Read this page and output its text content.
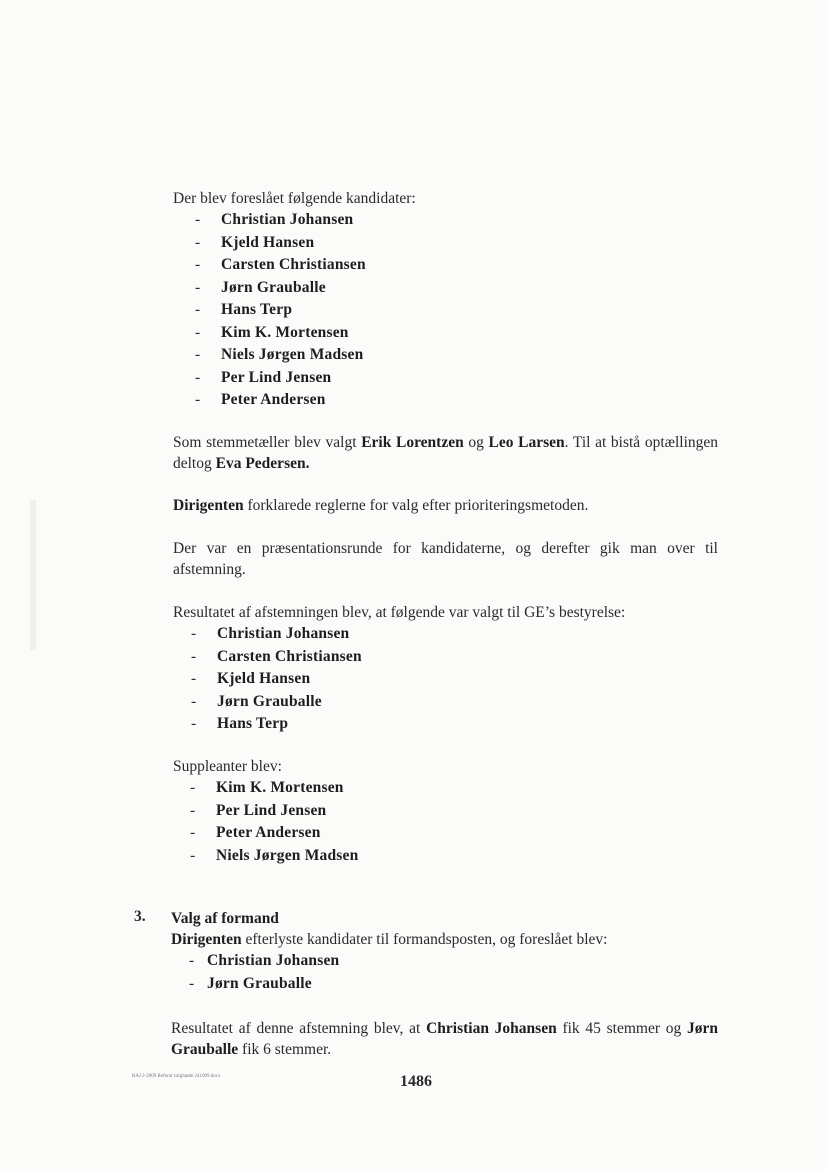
Der blev foreslået følgende kandidater:

- Christian Johansen
- Kjeld Hansen
- Carsten Christiansen
- Jørn Grauballe
- Hans Terp
- Kim K. Mortensen
- Niels Jørgen Madsen
- Per Lind Jensen
- Peter Andersen

Som stemmetæller blev valgt Erik Lorentzen og Leo Larsen. Til at bistå optællingen deltog Eva Pedersen.

Dirigenten forklarede reglerne for valg efter prioriteringsmetoden.

Der var en præsentationsrunde for kandidaterne, og derefter gik man over til afstemning.

Resultatet af afstemningen blev, at følgende var valgt til GE’s bestyrelse:

- Christian Johansen
- Carsten Christiansen
- Kjeld Hansen
- Jørn Grauballe
- Hans Terp

Suppleanter blev:

- Kim K. Mortensen
- Per Lind Jensen
- Peter Andersen
- Niels Jørgen Madsen
3. Valg af formand

Dirigenten efterlyste kandidater til formandsposten, og foreslået blev:

- Christian Johansen
- Jørn Grauballe

Resultatet af denne afstemning blev, at Christian Johansen fik 45 stemmer og Jørn Grauballe fik 6 stemmer.

BAJ 2-2009 Referat valgmøde 241009.docx	1486
